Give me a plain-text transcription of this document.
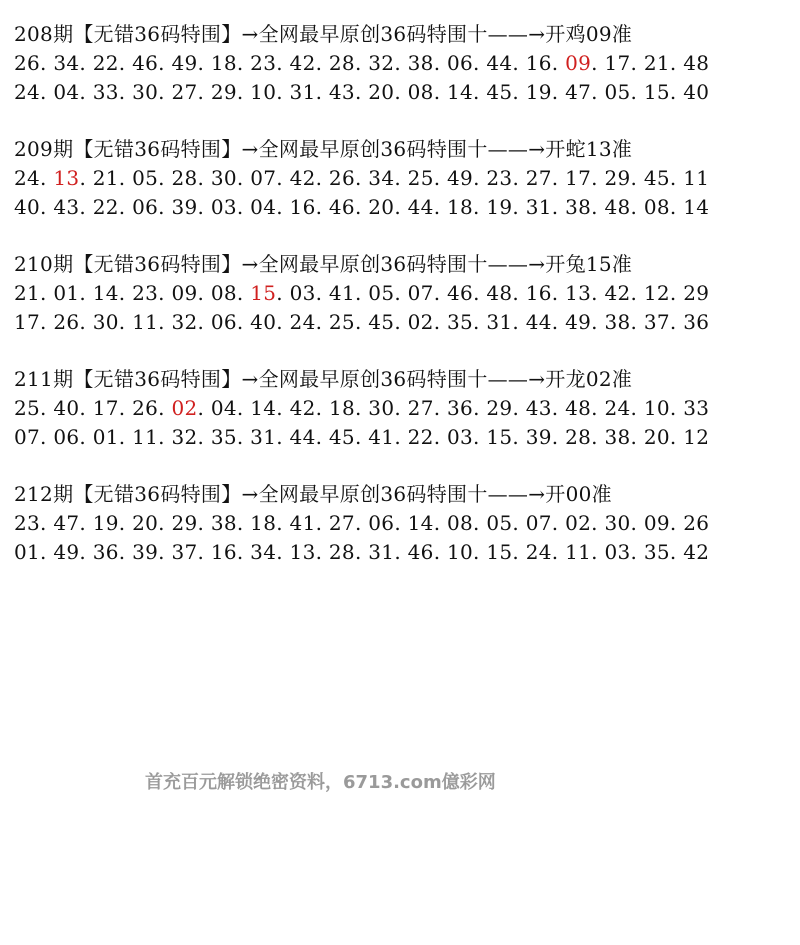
208期【无错36码特围】→全网最早原创36码特围十——→开鸡09准
26. 34. 22. 46. 49. 18. 23. 42. 28. 32. 38. 06. 44. 16. 09. 17. 21. 48
24. 04. 33. 30. 27. 29. 10. 31. 43. 20. 08. 14. 45. 19. 47. 05. 15. 40
209期【无错36码特围】→全网最早原创36码特围十——→开蛇13准
24. 13. 21. 05. 28. 30. 07. 42. 26. 34. 25. 49. 23. 27. 17. 29. 45. 11
40. 43. 22. 06. 39. 03. 04. 16. 46. 20. 44. 18. 19. 31. 38. 48. 08. 14
210期【无错36码特围】→全网最早原创36码特围十——→开兔15准
21. 01. 14. 23. 09. 08. 15. 03. 41. 05. 07. 46. 48. 16. 13. 42. 12. 29
17. 26. 30. 11. 32. 06. 40. 24. 25. 45. 02. 35. 31. 44. 49. 38. 37. 36
211期【无错36码特围】→全网最早原创36码特围十——→开龙02准
25. 40. 17. 26. 02. 04. 14. 42. 18. 30. 27. 36. 29. 43. 48. 24. 10. 33
07. 06. 01. 11. 32. 35. 31. 44. 45. 41. 22. 03. 15. 39. 28. 38. 20. 12
212期【无错36码特围】→全网最早原创36码特围十——→开00准
23. 47. 19. 20. 29. 38. 18. 41. 27. 06. 14. 08. 05. 07. 02. 30. 09. 26
01. 49. 36. 39. 37. 16. 34. 13. 28. 31. 46. 10. 15. 24. 11. 03. 35. 42
首充百元解锁绝密资料，6713.com億彩网
